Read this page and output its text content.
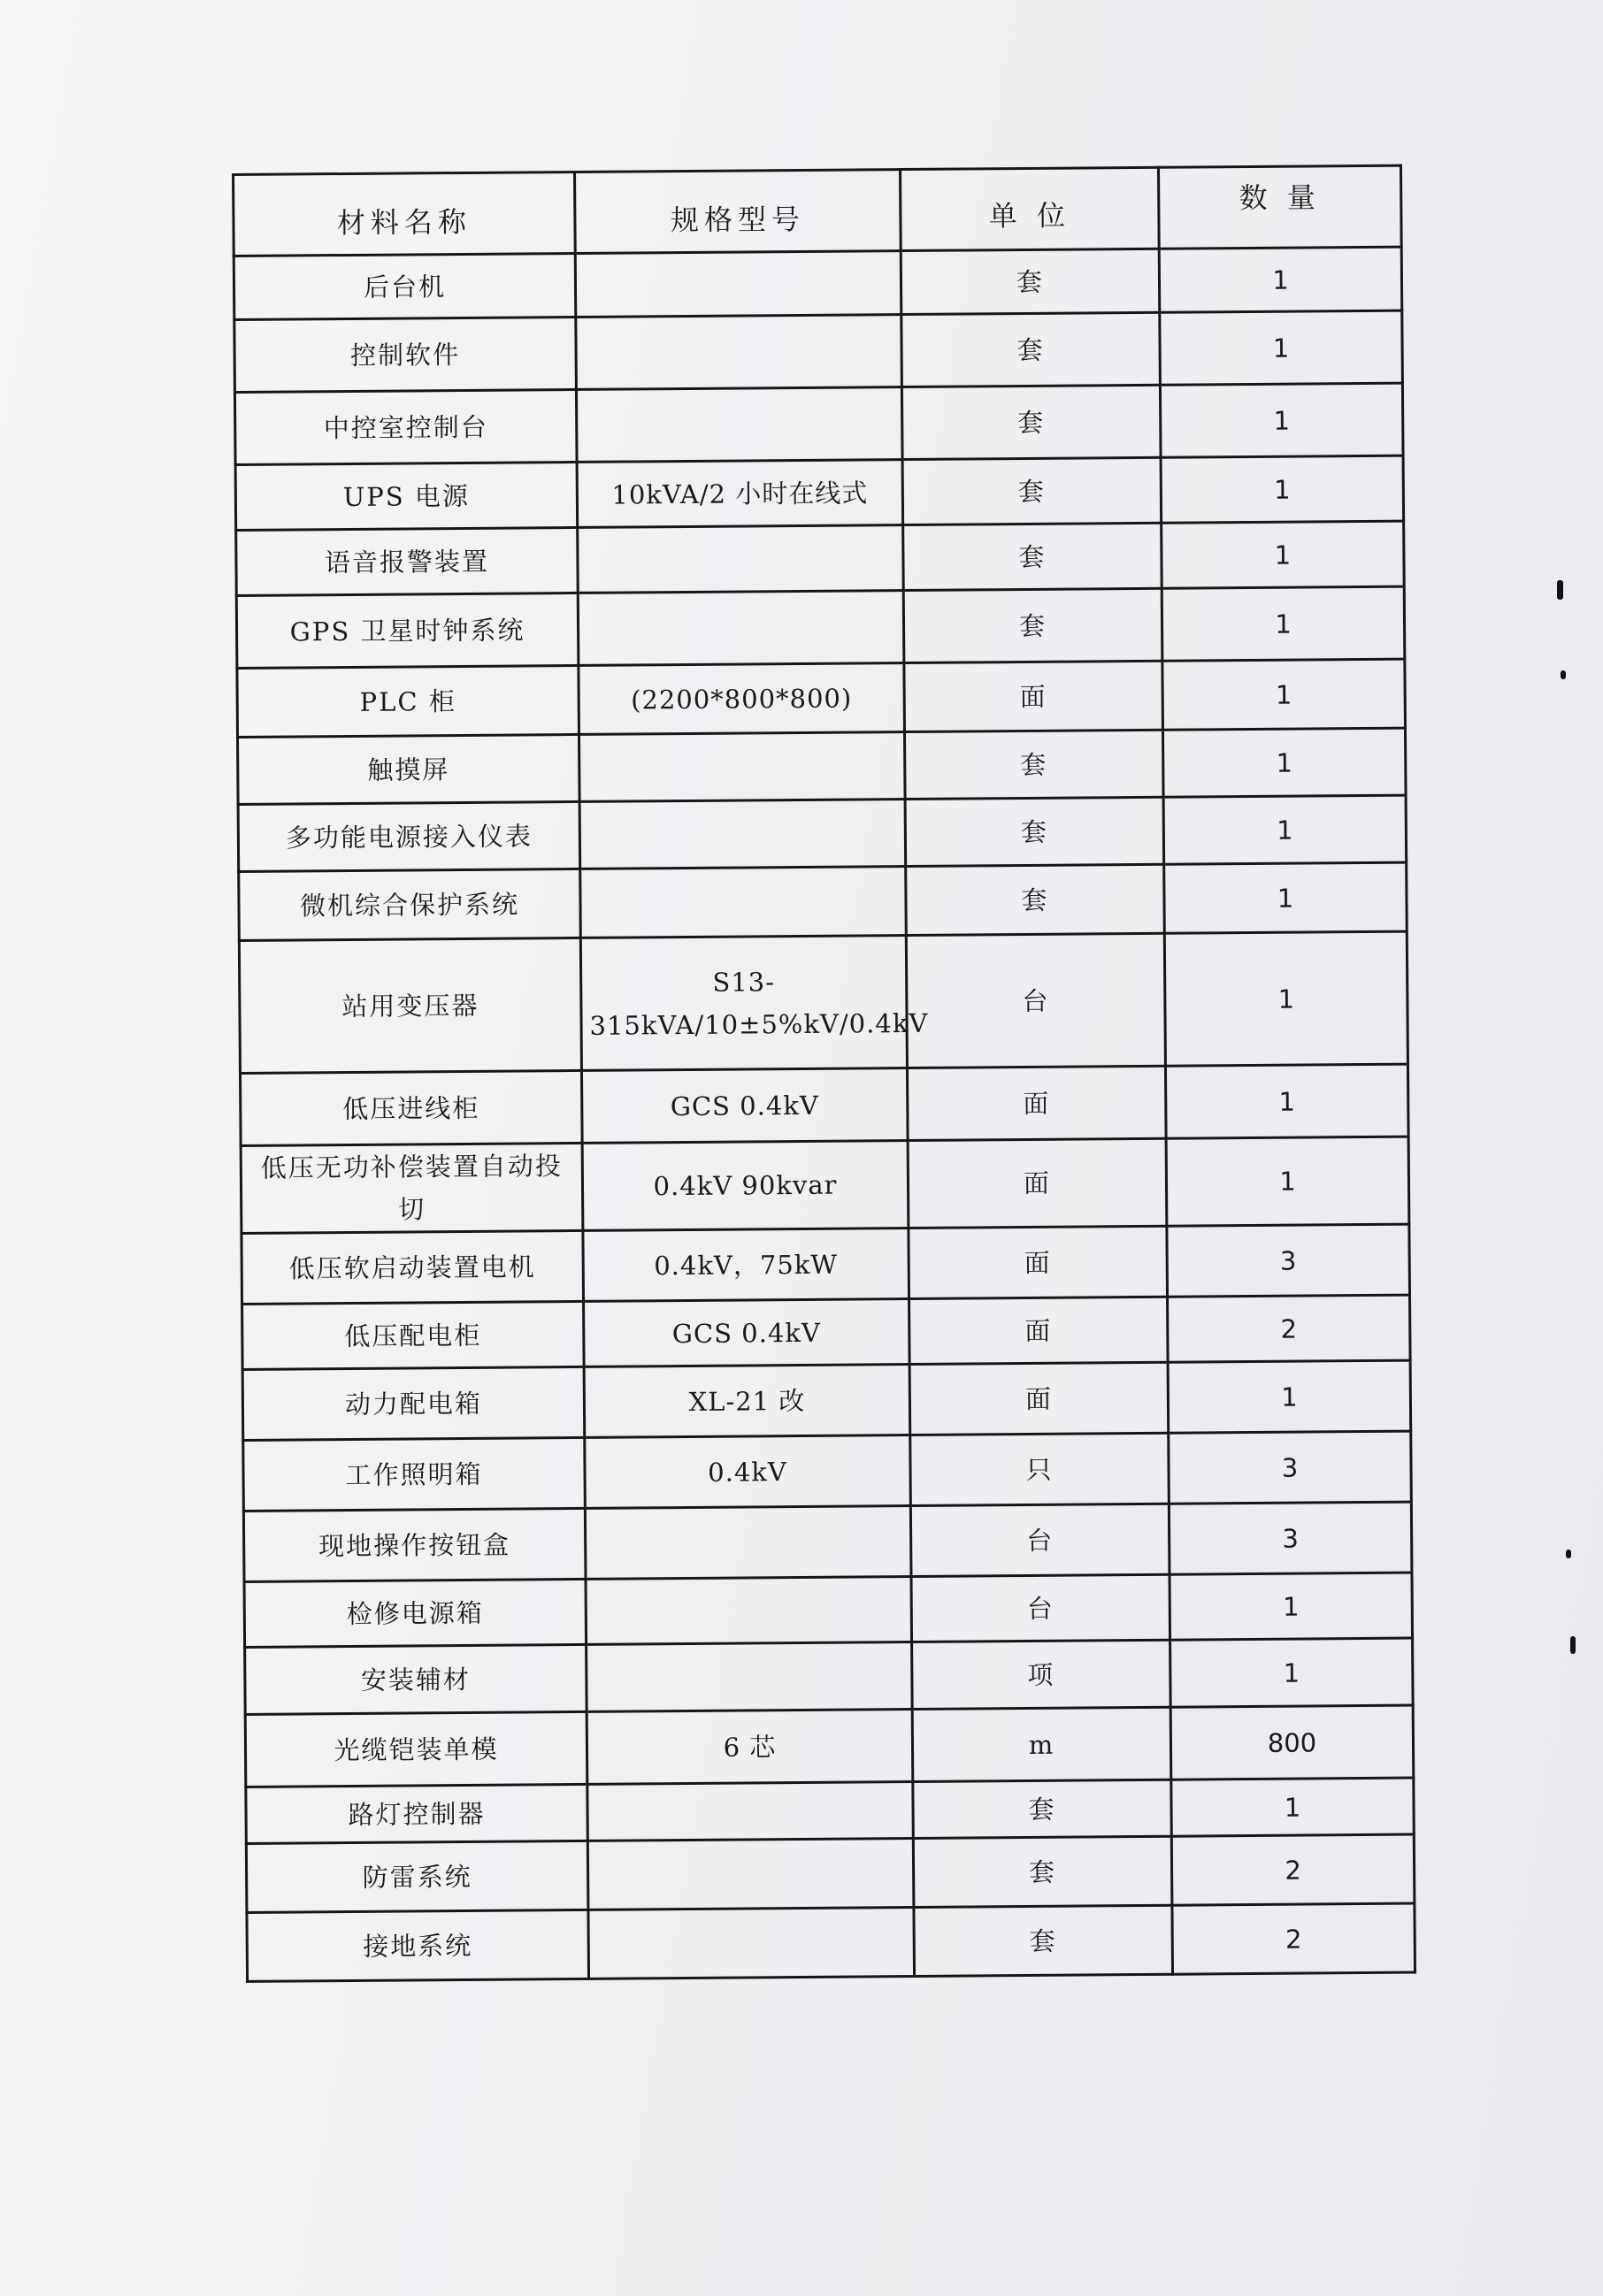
材料名称	规格型号	单 位	数 量
后台机		套	1
控制软件		套	1
中控室控制台		套	1
UPS 电源	10kVA/2 小时在线式	套	1
语音报警装置		套	1
GPS 卫星时钟系统		套	1
PLC 柜	(2200*800*800)	面	1
触摸屏		套	1
多功能电源接入仪表		套	1
微机综合保护系统		套	1
站用变压器	S13-315kVA/10±5%kV/0.4kV	台	1
低压进线柜	GCS 0.4kV	面	1
低压无功补偿装置自动投切	0.4kV 90kvar	面	1
低压软启动装置电机	0.4kV，75kW	面	3
低压配电柜	GCS 0.4kV	面	2
动力配电箱	XL-21 改	面	1
工作照明箱	0.4kV	只	3
现地操作按钮盒		台	3
检修电源箱		台	1
安装辅材		项	1
光缆铠装单模	6 芯	m	800
路灯控制器		套	1
防雷系统		套	2
接地系统		套	2
